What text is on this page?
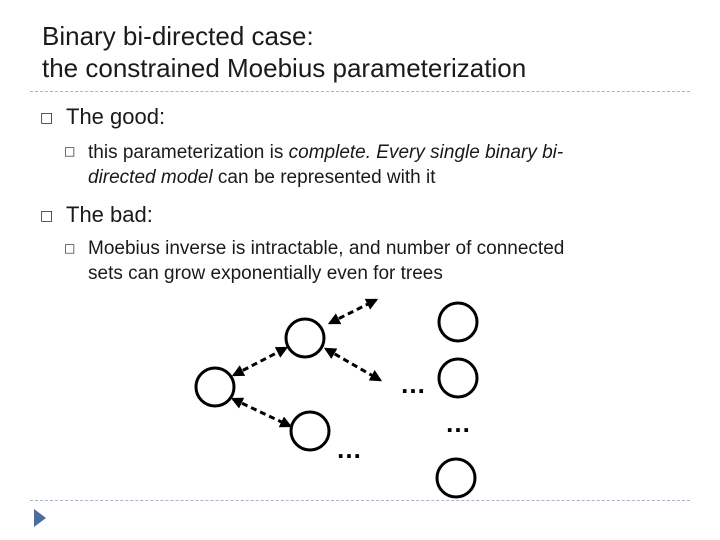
Binary bi-directed case:
the constrained Moebius parameterization
□ The good:
□ this parameterization is complete. Every single binary bi-
directed model can be represented with it
□ The bad:
□ Moebius inverse is intractable, and number of connected
sets can grow exponentially even for trees
…
…
…
